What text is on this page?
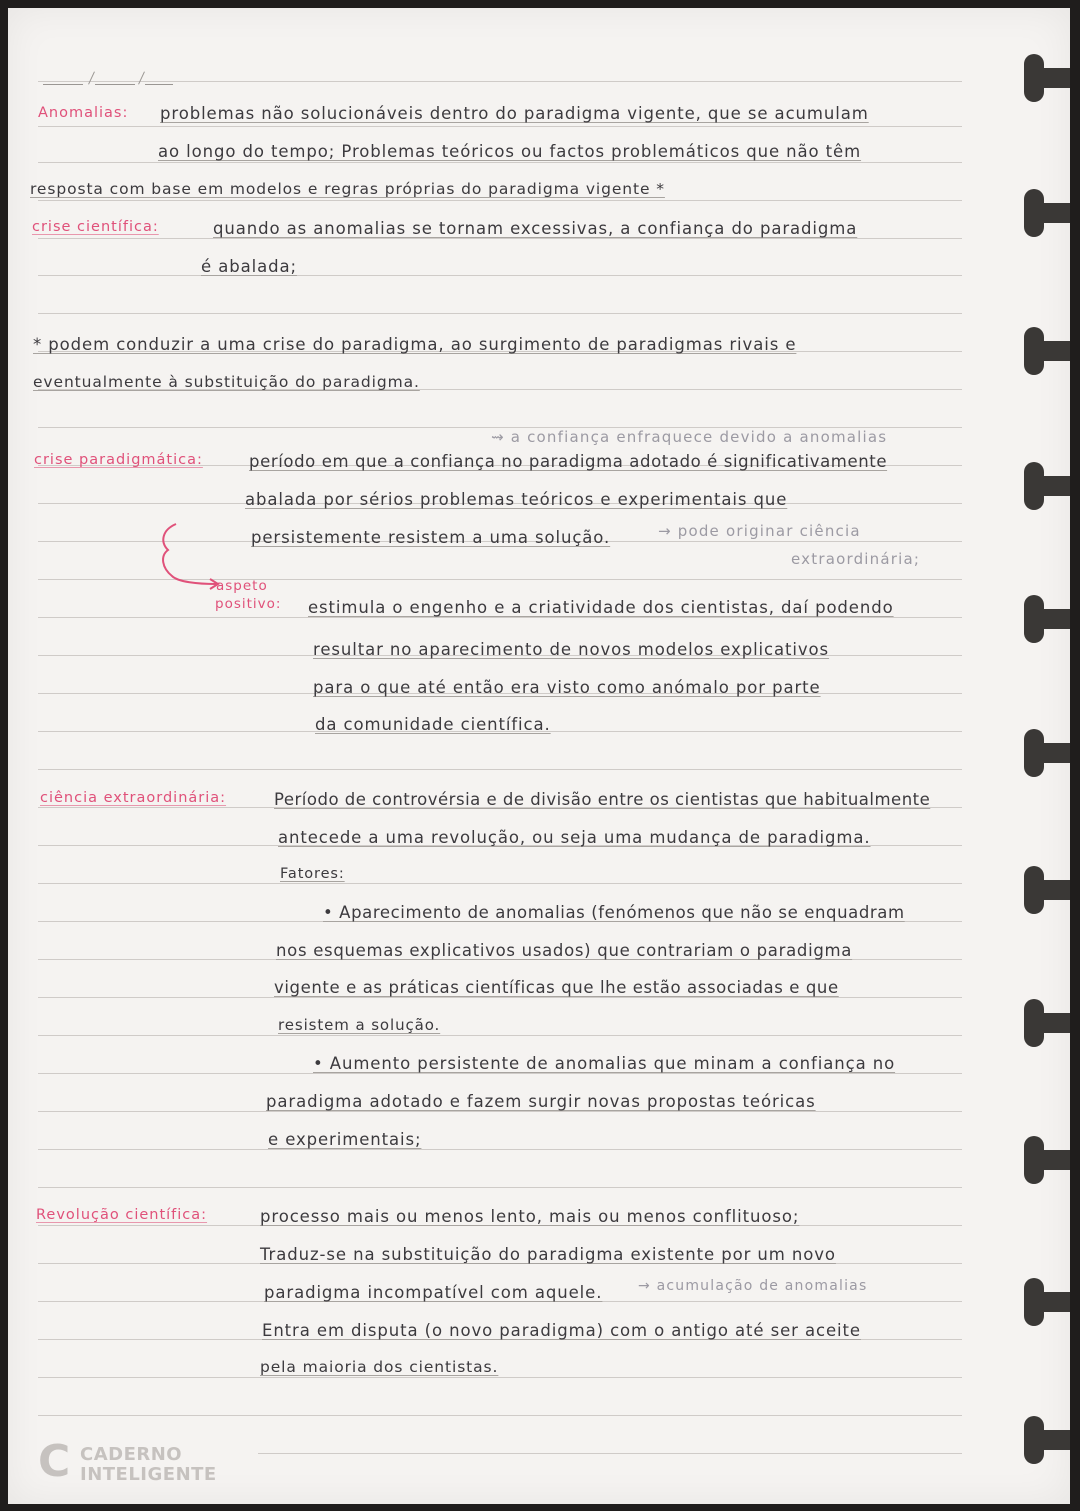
Anomalias: problemas não solucionáveis dentro do paradigma vigente, que se acumulam
ao longo do tempo; Problemas teóricos ou factos problemáticos que não têm
resposta com base em modelos e regras próprias do paradigma vigente *
crise científica:	quando as anomalias se tornam excessivas, a confiança do paradigma
é abalada;
* podem conduzir a uma crise do paradigma, ao surgimento de paradigmas rivais e
eventualmente à substituição do paradigma.
⇝ a confiança enfraquece devido a anomalias
crise paradigmática:	período em que a confiança no paradigma adotado é significativamente
abalada por sérios problemas teóricos e experimentais que
persistemente resistem a uma solução.	→ pode originar ciência
extraordinária;
aspeto
positivo: estimula o engenho e a criatividade dos cientistas, daí podendo
resultar no aparecimento de novos modelos explicativos
para o que até então era visto como anómalo por parte
da comunidade científica.
ciência extraordinária:	Período de controvérsia e de divisão entre os cientistas que habitualmente
antecede a uma revolução, ou seja uma mudança de paradigma.
Fatores:
• Aparecimento de anomalias (fenómenos que não se enquadram
nos esquemas explicativos usados) que contrariam o paradigma
vigente e as práticas científicas que lhe estão associadas e que
resistem a solução.
• Aumento persistente de anomalias que minam a confiança no
paradigma adotado e fazem surgir novas propostas teóricas
e experimentais;
Revolução científica:	processo mais ou menos lento, mais ou menos conflituoso;
Traduz-se na substituição do paradigma existente por um novo
paradigma incompatível com aquele.	→ acumulação de anomalias
Entra em disputa (o novo paradigma) com o antigo até ser aceite
pela maioria dos cientistas.
C CADERNO
INTELIGENTE
